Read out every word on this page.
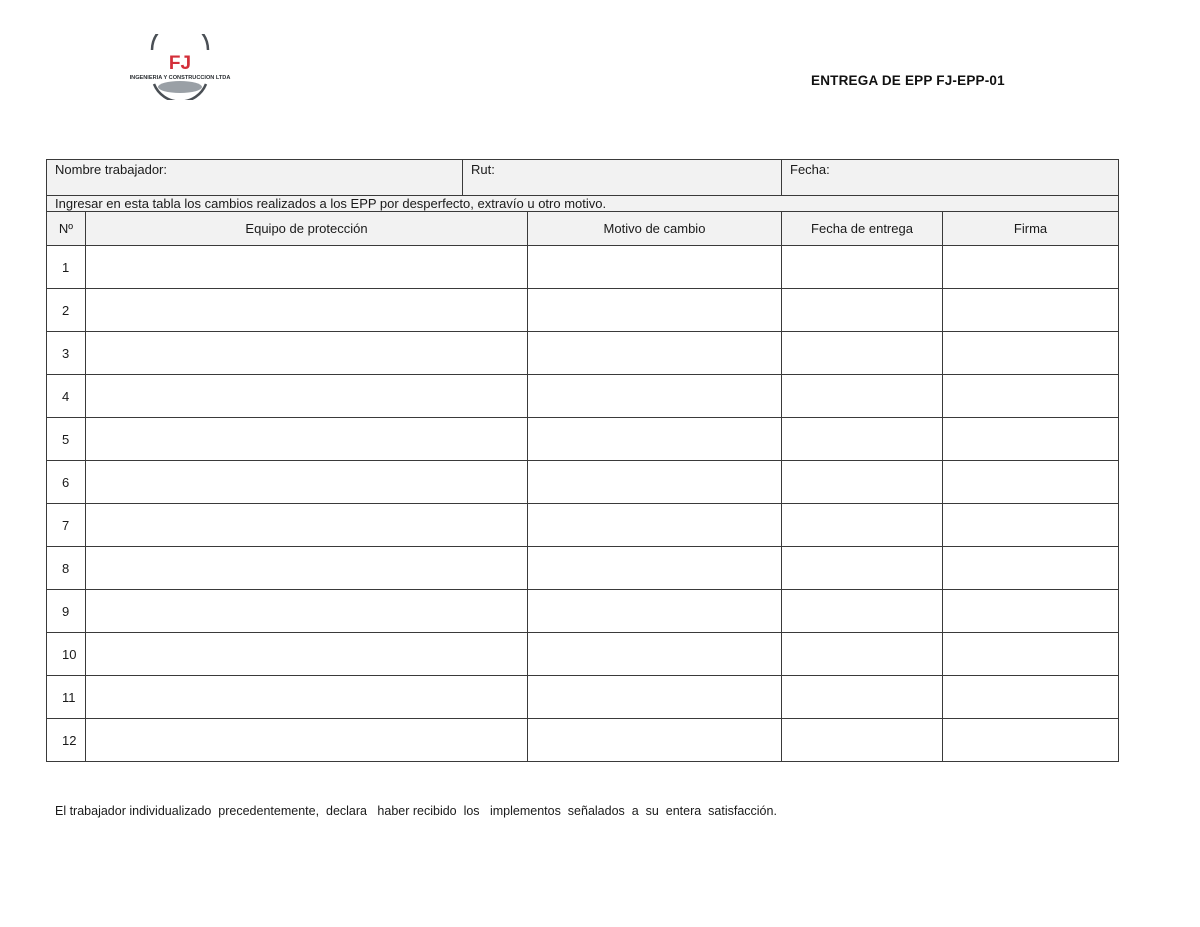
FJ
INGENIERIA Y CONSTRUCCION LTDA	ENTREGA DE EPP FJ-EPP-01
Nombre trabajador:		Rut:		Fecha:	
Ingresar en esta tabla los cambios realizados a los EPP por desperfecto, extravío u otro motivo.					
Nº	Equipo de protección		Motivo de cambio	Fecha de entrega	Firma
1					
2					
3					
4					
5					
6					
7					
8					
9					
10					
11					
12					
El trabajador individualizado  precedentemente,  declara   haber recibido  los   implementos  señalados  a  su  entera  satisfacción.
